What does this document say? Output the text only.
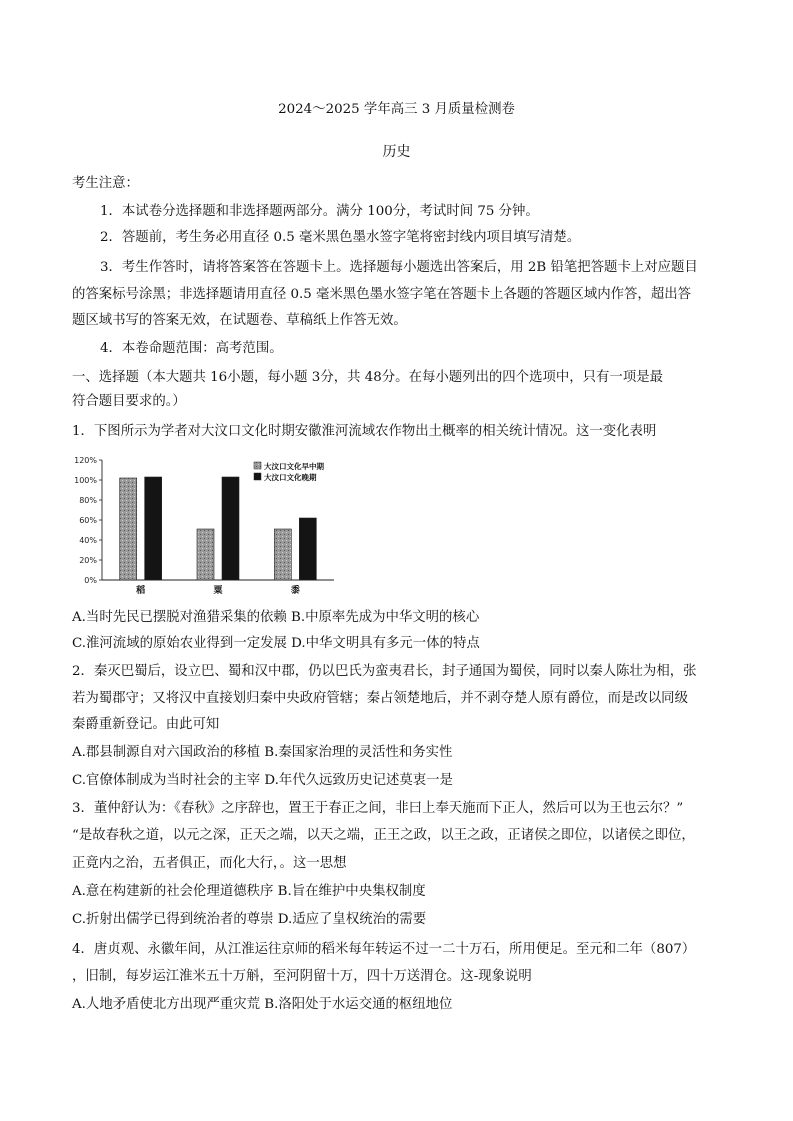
2024～2025 学年高三 3 月质量检测卷
历史
考生注意：
1．本试卷分选择题和非选择题两部分。满分 100分，考试时间 75 分钟。
2．答题前，考生务必用直径 0.5 毫米黑色墨水签字笔将密封线内项目填写清楚。
3．考生作答时，请将答案答在答题卡上。选择题每小题选出答案后，用 2B 铅笔把答题卡上对应题目
的答案标号涂黑；非选择题请用直径 0.5 毫米黑色墨水签字笔在答题卡上各题的答题区域内作答，超出答
题区域书写的答案无效，在试题卷、草稿纸上作答无效。
4．本卷命题范围：高考范围。
一、选择题（本大题共 16小题，每小题 3分，共 48分。在每小题列出的四个选项中，只有一项是最
符合题目要求的。）
1．下图所示为学者对大汶口文化时期安徽淮河流域农作物出土概率的相关统计情况。这一变化表明
0%
20%
40%
60%
80%
100%
120%
稻	粟	黍
大汶口文化早中期
大汶口文化晚期
A.当时先民已摆脱对渔猎采集的依赖 B.中原率先成为中华文明的核心
C.淮河流域的原始农业得到一定发展 D.中华文明具有多元一体的特点
2．秦灭巴蜀后，设立巴、蜀和汉中郡，仍以巴氏为蛮夷君长，封子通国为蜀侯，同时以秦人陈壮为相，张
若为蜀郡守；又将汉中直接划归秦中央政府管辖；秦占领楚地后，并不剥夺楚人原有爵位，而是改以同级
秦爵重新登记。由此可知
A.郡县制源自对六国政治的移植 B.秦国家治理的灵活性和务实性
C.官僚体制成为当时社会的主宰 D.年代久远致历史记述莫衷一是
3．董仲舒认为：《春秋》之序辞也，置王于春正之间，非曰上奉天施而下正人，然后可以为王也云尔？”
“是故春秋之道，以元之深，正天之端，以天之端，正王之政，以王之政，正诸侯之即位，以诸侯之即位，
正竟内之治，五者俱正，而化大行，。这一思想
A.意在构建新的社会伦理道德秩序 B.旨在维护中央集权制度
C.折射出儒学已得到统治者的尊崇 D.适应了皇权统治的需要
4．唐贞观、永徽年间，从江淮运往京师的稻米每年转运不过一二十万石，所用便足。至元和二年（807）
，旧制，每岁运江淮米五十万斛，至河阴留十万，四十万送渭仓。这-现象说明
A.人地矛盾使北方出现严重灾荒 B.洛阳处于水运交通的枢纽地位
